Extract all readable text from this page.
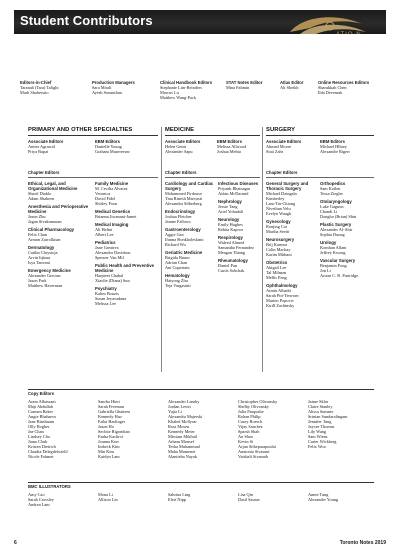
Student Contributors
ATIO N
Editors-in-Chief
Taranah (Tara) Tafighi
Mark Shaherstio
Production Managers
Sara Mirali
Ayesh Sonanthan
Clinical Handbook Editors
Stephanie Lim-Reinders
Marcus Lu
Matthew Wang-Pack
STAT Notes Editor
Mina Fahmin
Atlas Editor
Ali Sheikh
Online Resources Editors
Sharukkah Chen
Ilda Devenrak
PRIMARY AND OTHER SPECIALTIES	MEDICINE	SURGERY
Associate Editors
Amrer Agrawal
Priya Bapat
EBM Editors
Danielle Young
Graham Mazereeuw
Associate Editors
Helen Genis
Alexander Sapu
EBM Editors
Melissa Allwood
Joshua Mehta
Associate Editors
Ahmad Moore
Sitai Zahr
EBM Editors
Michael Hlbrey
Alexandre Rigert
Chapter Editors	Chapter Editors	Chapter Editors
Ethical, Legal, and Organizational Medicine
Sharif Diablo
Adam Shaheen
Anesthesia and Perioperative Medicine
Jason Zhu
Jagan Sivakumaran
Clinical Pharmacology
Felix Chan
Armon Zarrolkiian
Dermatology
Caitlin Chrystoja
Arvin Iqbara
Isya Tanvani
Emergency Medicine
Alexander Grecian
Jason Park
Matthew Haverman
Family Medicine
M. Cecilia Alvarez
Veronica
David Fidel
Shirley Poon
Medical Genetics
Brianna Jiwanani-Jamei
Medical Imaging
Ali Helmi
Albert Lee
Pediatrics
Jane Greatrex
Alexandra Davidson
Spencer Van Mil
Public Health and Preventive Medicine
Harpreet Chahal
Xiaolie (Diana) Sun
Psychiatry
Kalim Bouzis
Susan Jeyavadana
Melissa Lee
Cardiology and Cardiac Surgery
Mohammed Firdouse
Tina Rinesh Marvasti
Alexandra Silberberg
Endocrinology
Joshua Fletcher
Janine Fallows
Gastroenterology
Aggie Gao
Ifanna Sheikholeslami
Richard Wu
Geriatric Medicine
Brigida Bruno
Adrian Chan
Ani Cupertain
Hematology
Haiyong Zhu
Teja Vargasinti
Infectious Diseases
Priyank Bhatnagar
Aidan McDarmid
Nephrology
Jessie Tang
Ariel Yobadali
Neurology
Emily Hughes
Rebita Kapoor
Respirology
Waleed Ahmed
Samantha Fernandez
Meagan Thiang
Rheumatology
Daniel Pan
Curtis Sobchak
General Surgery and Thoracic Surgery
Michael Dzingala
Kimberley
Lam-Tin-Chiong
Nivethan Velu
Evelyn Waugh
Gynecology
Ronjing Cai
Martha Seeitt
Neurosurgery
Brij Karmur
Colin Mackay
Karim Mithani
Obstetrics
Abigail Lee
Tal Milman
Mellis Feng
Ophthalmology
Armin Albadri
Sarah Pitt-Tenvorn
Marino Popovic
Kirill Zachinsky
Orthopedics
Sam Kotlen
Tessa Ziegler
Otolaryngology
Luke Gagnon
Chandi Li
Dongho (Brian) Shin
Plastic Surgery
Alexander Al-Ahir
Sophia Duong
Urology
Komhan Allam
Jeffrey Kwong
Vascular Surgery
Benjamin Fong
Jon Li
Arrian C. R. Partridge
Copy Editors
Aram Albassam
Maji Abdullah
Carmen Baker
Angie Bhaharvo
Jane Binsbaum
Olly Bogher
Jae Chan
Lindsey Cho
Jiana Clark
Kristen Dietrich
Claudia Delegdelwield
Nicole Fahmer
Sandra Hiert
Sarah Freeman
Gabriella Ghattem
Kennedy Hao
Erika Haslinger
Jason Ho
Sechite Rigondian
Emba Kachrot
Joanna Kerr
Imbeck Kim
Min Kim
Kaidyn Lam
Alexander Landry
Jordan Lewis
Yujia Li
Alexandra Majerski
Khaled Mollyrar
Ross Mosen
Kennedy Meier
Mirriam Mikhail
Arham Monsef
Tesha Muhammad
Maha Mumenet
Alantieba Nayak
Christopher Olivonsky
Shelby Olivonsky
Julia Pasqualie
Rohan Philip
Casey Roesch
Vijay Sanchez
Sparsh Shah
An Shao
Kevin Si
Arjan Sitheparapoulai
Anatonia Sivasunt
Vaishali Sivanath
Jaime Sklar
Claire Stanley
Alissa Sumner
Srinian Sundaralingam
Jennifer Tang
Jaycee Thomas
Lily Wang
Sam Wiens
Carter Wickberg
Felix Woo
BMC ILLUSTRATORS
Amy Cao
Sarah Crossley
Andrea Lam
Mona Li
Allison Lin
Sabrina Ling
Eleri Nipp
Lisa Qin
Dasil Saurav
Annie Tung
Alexander Young
6	Toronto Notes 2019
